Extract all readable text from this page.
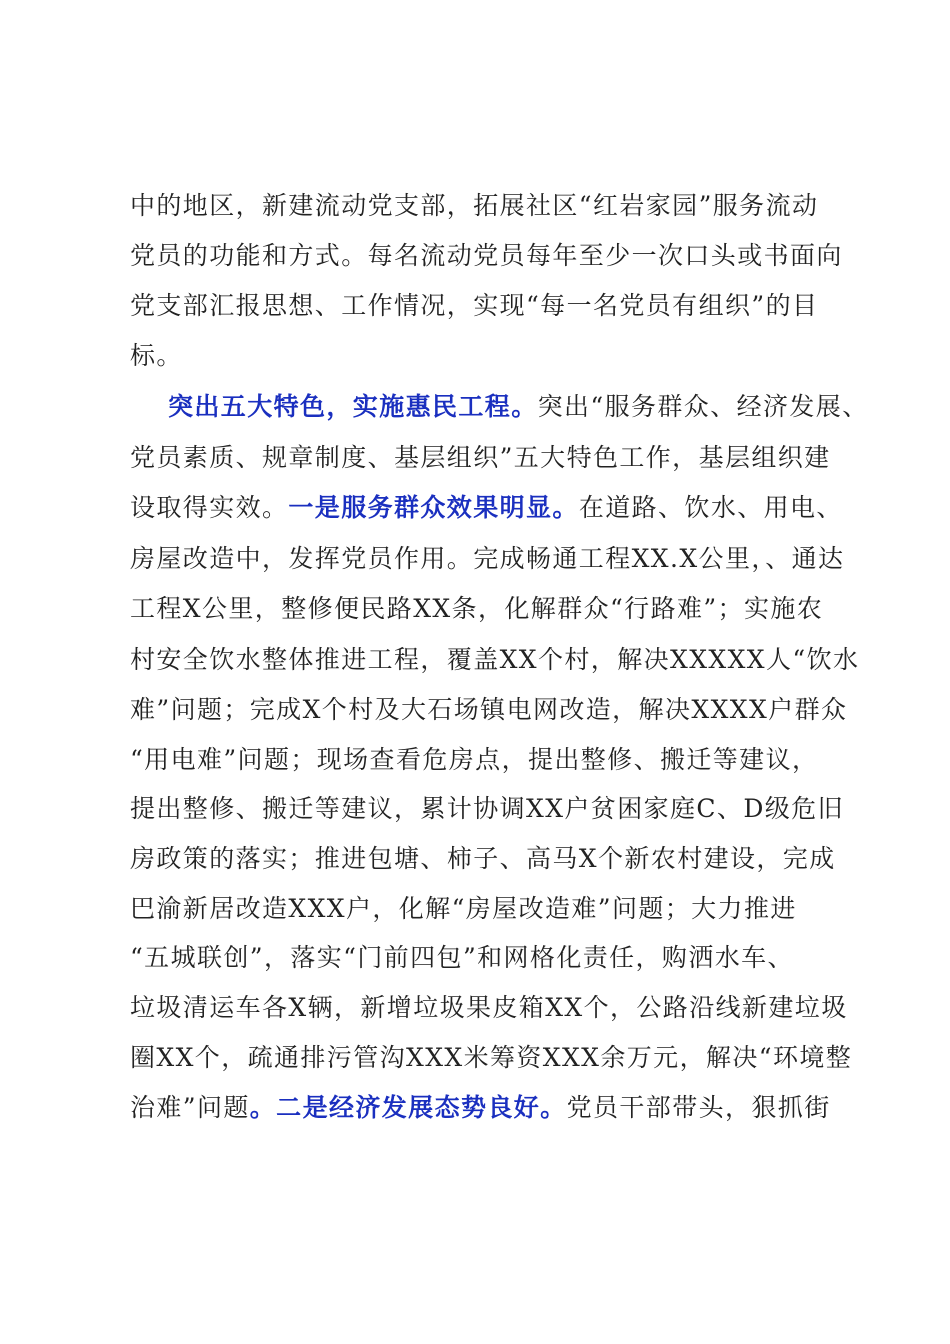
中的地区，新建流动党支部，拓展社区“红岩家园”服务流动
党员的功能和方式。每名流动党员每年至少一次口头或书面向
党支部汇报思想、工作情况，实现“每一名党员有组织”的目
标。
突出五大特色，实施惠民工程。突出“服务群众、经济发展、
党员素质、规章制度、基层组织”五大特色工作，基层组织建
设取得实效。一是服务群众效果明显。在道路、饮水、用电、
房屋改造中，发挥党员作用。完成畅通工程XX.X公里，、通达
工程X公里，整修便民路XX条，化解群众“行路难”；实施农
村安全饮水整体推进工程，覆盖XX个村，解决XXXXX人“饮水
难”问题；完成X个村及大石场镇电网改造，解决XXXX户群众
“用电难”问题；现场查看危房点，提出整修、搬迁等建议，
提出整修、搬迁等建议，累计协调XX户贫困家庭C、D级危旧
房政策的落实；推进包塘、柿子、高马X个新农村建设，完成
巴渝新居改造XXX户，化解“房屋改造难”问题；大力推进
“五城联创”，落实“门前四包”和网格化责任，购洒水车、
垃圾清运车各X辆，新增垃圾果皮箱XX个，公路沿线新建垃圾
圈XX个，疏通排污管沟XXX米筹资XXX余万元，解决“环境整
治难”问题。二是经济发展态势良好。党员干部带头，狠抓街
